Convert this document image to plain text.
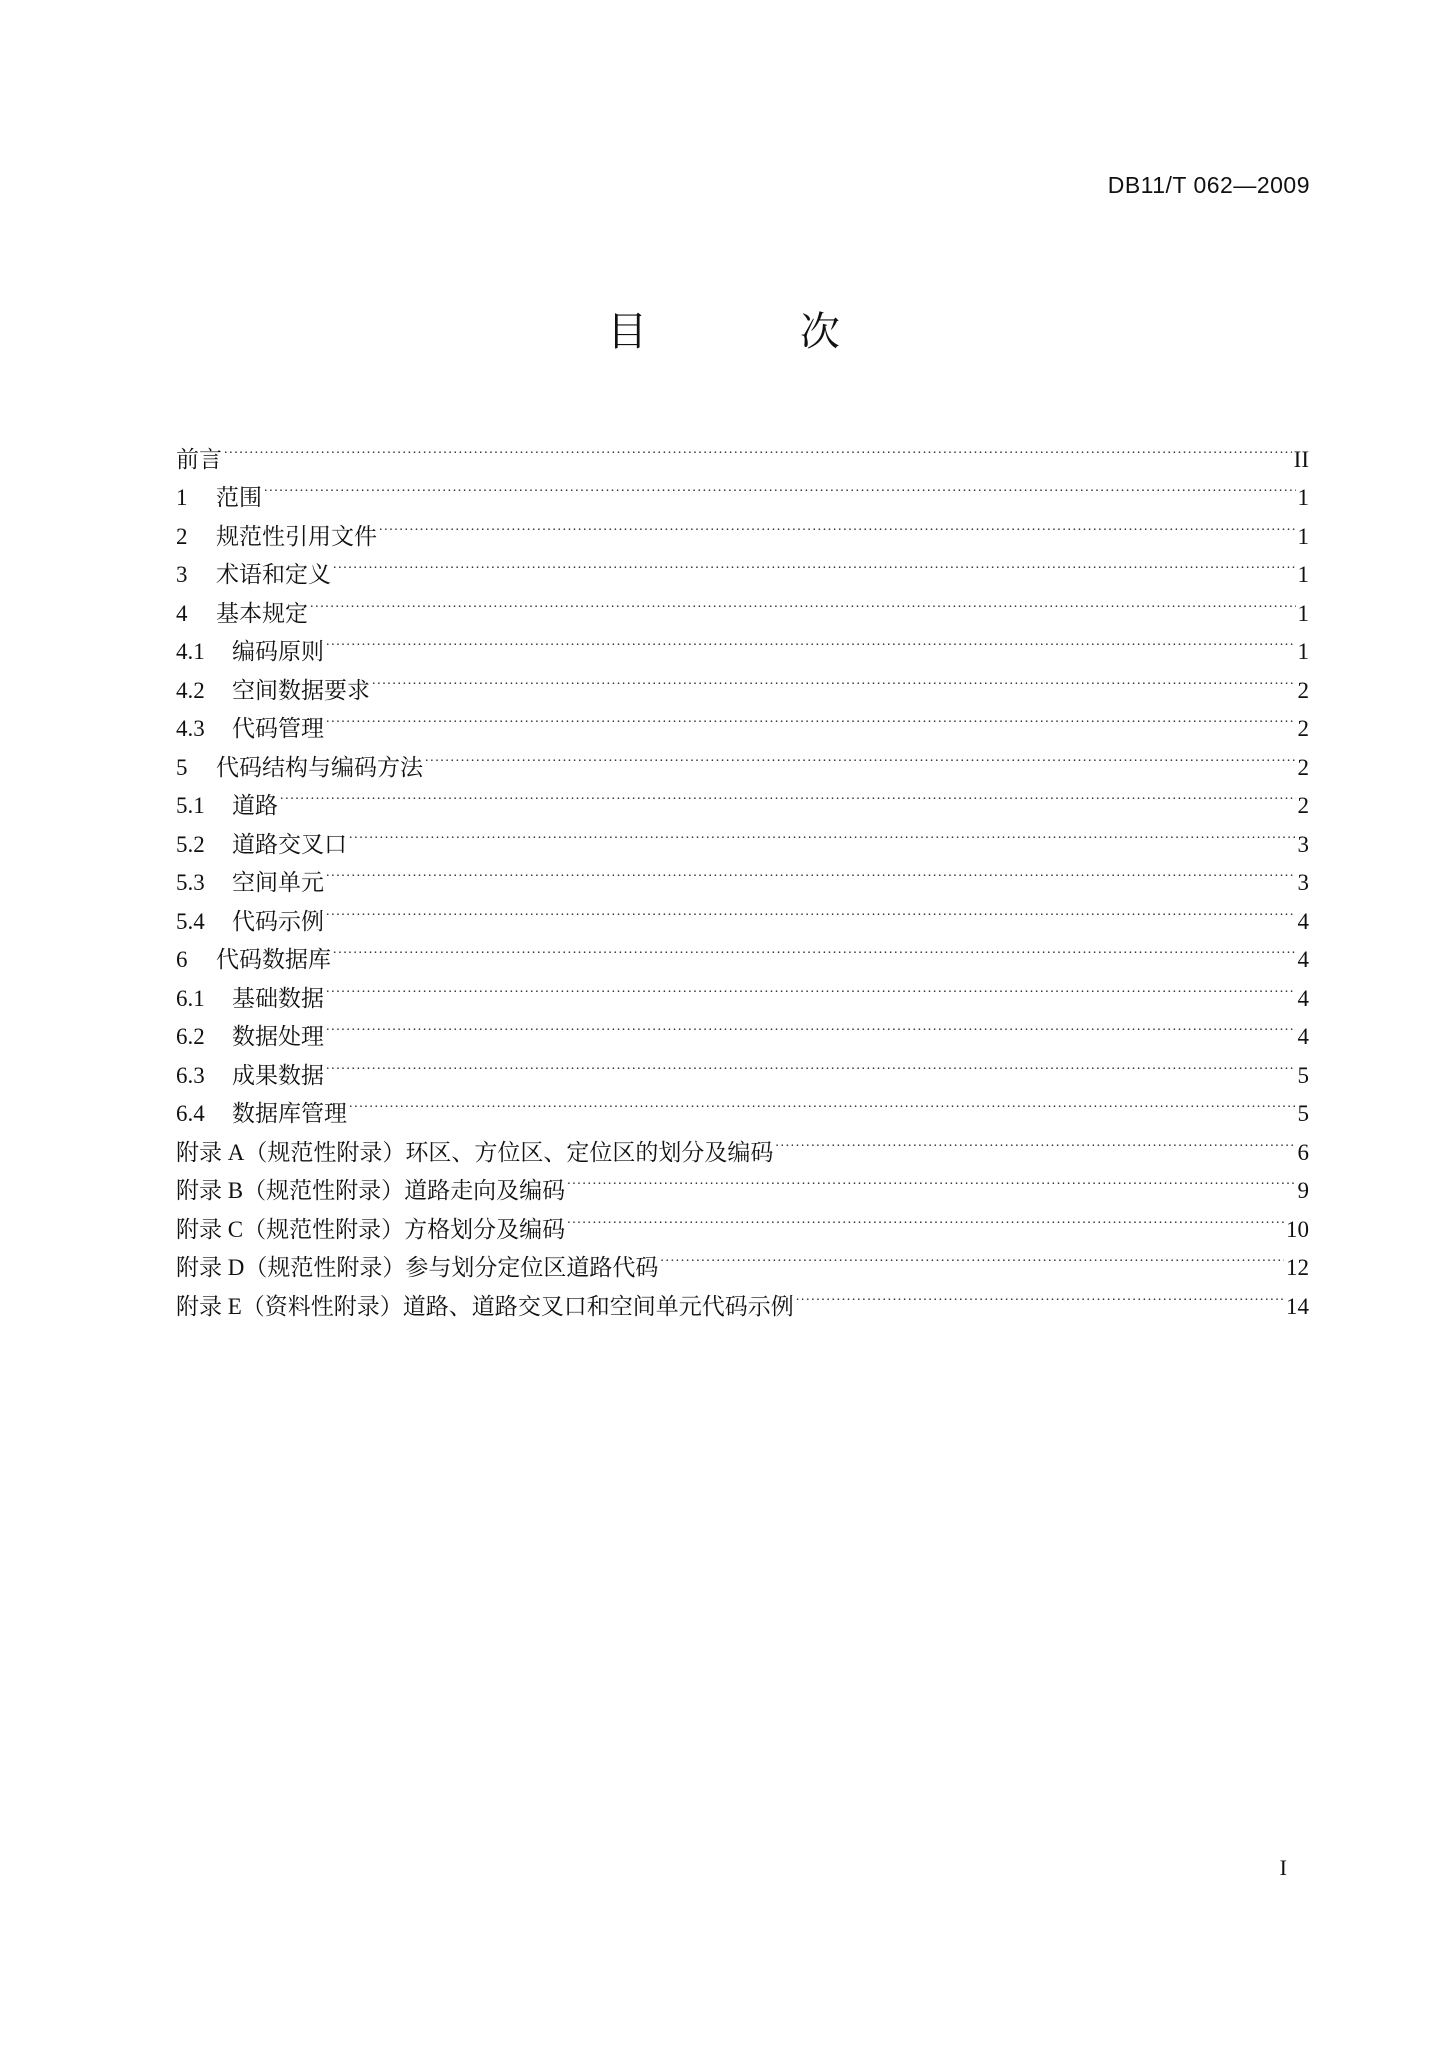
DB11/T 062—2009
目 次
前言 .....	II
1 范围 .....	1
2 规范性引用文件 .....	1
3 术语和定义 .....	1
4 基本规定 .....	1
4.1 编码原则 .....	1
4.2 空间数据要求 .....	2
4.3 代码管理 .....	2
5 代码结构与编码方法 .....	2
5.1 道路 .....	2
5.2 道路交叉口 .....	3
5.3 空间单元 .....	3
5.4 代码示例 .....	4
6 代码数据库 .....	4
6.1 基础数据 .....	4
6.2 数据处理 .....	4
6.3 成果数据 .....	5
6.4 数据库管理 .....	5
附录 A（规范性附录）环区、方位区、定位区的划分及编码 .....	6
附录 B（规范性附录）道路走向及编码 .....	9
附录 C（规范性附录）方格划分及编码 .....	10
附录 D（规范性附录）参与划分定位区道路代码 .....	12
附录 E（资料性附录）道路、道路交叉口和空间单元代码示例 .....	14
I
